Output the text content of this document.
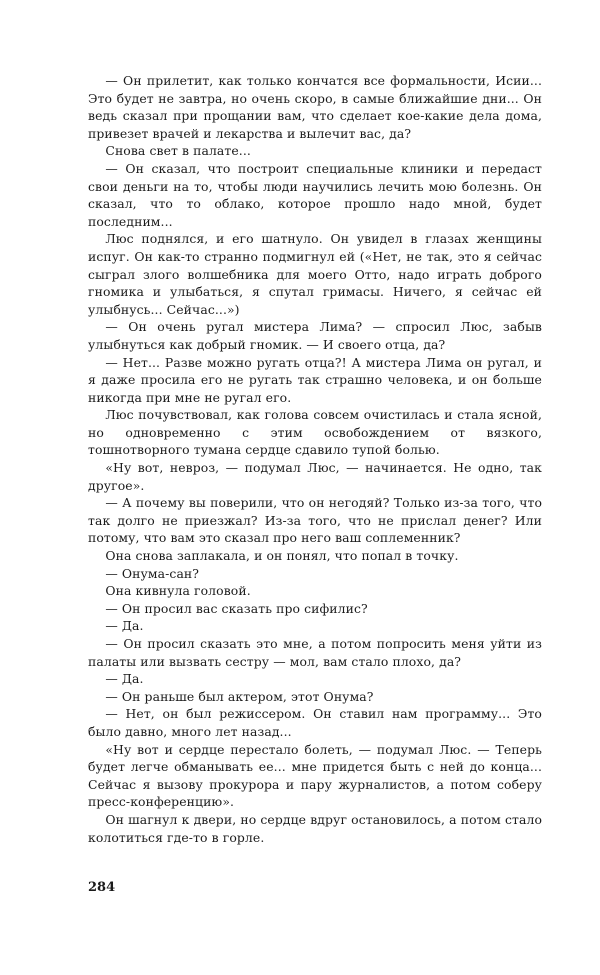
— Он прилетит, как только кончатся все формальности, Исии... Это будет не завтра, но очень скоро, в самые ближайшие дни... Он ведь сказал при прощании вам, что сделает кое-какие дела дома, привезет врачей и лекарства и вылечит вас, да?

Снова свет в палате...

— Он сказал, что построит специальные клиники и передаст свои деньги на то, чтобы люди научились лечить мою болезнь. Он сказал, что то облако, которое прошло надо мной, будет последним...

Люс поднялся, и его шатнуло. Он увидел в глазах женщины испуг. Он как-то странно подмигнул ей («Нет, не так, это я сейчас сыграл злого волшебника для моего Отто, надо играть доброго гномика и улыбаться, я спутал гримасы. Ничего, я сейчас ей улыбнусь... Сейчас...»)

— Он очень ругал мистера Лима? — спросил Люс, забыв улыбнуться как добрый гномик. — И своего отца, да?

— Нет... Разве можно ругать отца?! А мистера Лима он ругал, и я даже просила его не ругать так страшно человека, и он больше никогда при мне не ругал его.

Люс почувствовал, как голова совсем очистилась и стала ясной, но одновременно с этим освобождением от вязкого, тошнотворного тумана сердце сдавило тупой болью.

«Ну вот, невроз, — подумал Люс, — начинается. Не одно, так другое».

— А почему вы поверили, что он негодяй? Только из-за того, что так долго не приезжал? Из-за того, что не прислал денег? Или потому, что вам это сказал про него ваш соплеменник?

Она снова заплакала, и он понял, что попал в точку.

— Онума-сан?

Она кивнула головой.

— Он просил вас сказать про сифилис?

— Да.

— Он просил сказать это мне, а потом попросить меня уйти из палаты или вызвать сестру — мол, вам стало плохо, да?

— Да.

— Он раньше был актером, этот Онума?

— Нет, он был режиссером. Он ставил нам программу... Это было давно, много лет назад...

«Ну вот и сердце перестало болеть, — подумал Люс. — Теперь будет легче обманывать ее... мне придется быть с ней до конца... Сейчас я вызову прокурора и пару журналистов, а потом соберу пресс-конференцию».

Он шагнул к двери, но сердце вдруг остановилось, а потом стало колотиться где-то в горле.

284
